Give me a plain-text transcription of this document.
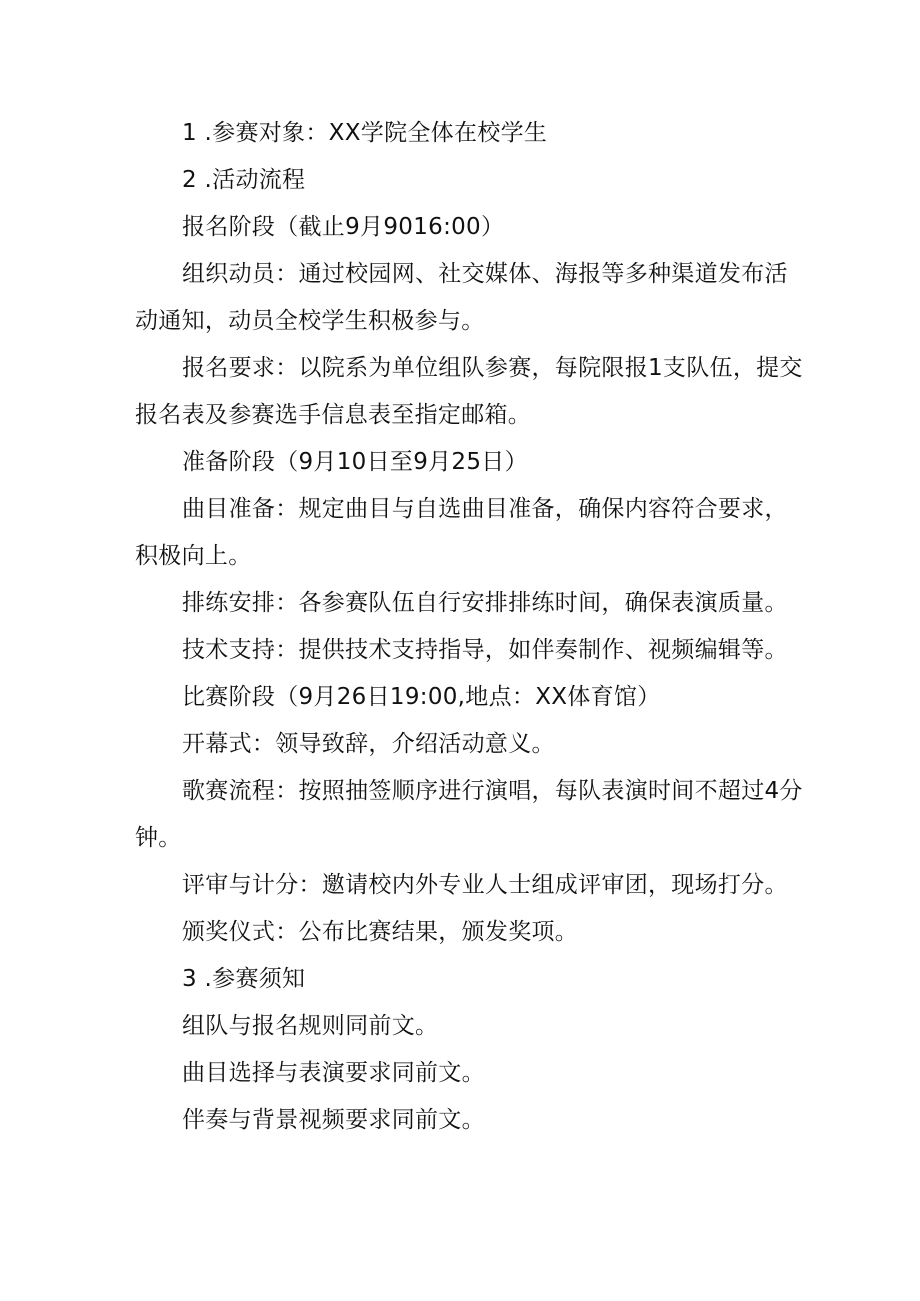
1 .参赛对象：XX学院全体在校学生
2 .活动流程
报名阶段（截止9月9016:00）
组织动员：通过校园网、社交媒体、海报等多种渠道发布活
动通知，动员全校学生积极参与。
报名要求：以院系为单位组队参赛，每院限报1支队伍，提交
报名表及参赛选手信息表至指定邮箱。
准备阶段（9月10日至9月25日）
曲目准备：规定曲目与自选曲目准备，确保内容符合要求，
积极向上。
排练安排：各参赛队伍自行安排排练时间，确保表演质量。
技术支持：提供技术支持指导，如伴奏制作、视频编辑等。
比赛阶段（9月26日19:00,地点：XX体育馆）
开幕式：领导致辞，介绍活动意义。
歌赛流程：按照抽签顺序进行演唱，每队表演时间不超过4分
钟。
评审与计分：邀请校内外专业人士组成评审团，现场打分。
颁奖仪式：公布比赛结果，颁发奖项。
3 .参赛须知
组队与报名规则同前文。
曲目选择与表演要求同前文。
伴奏与背景视频要求同前文。
